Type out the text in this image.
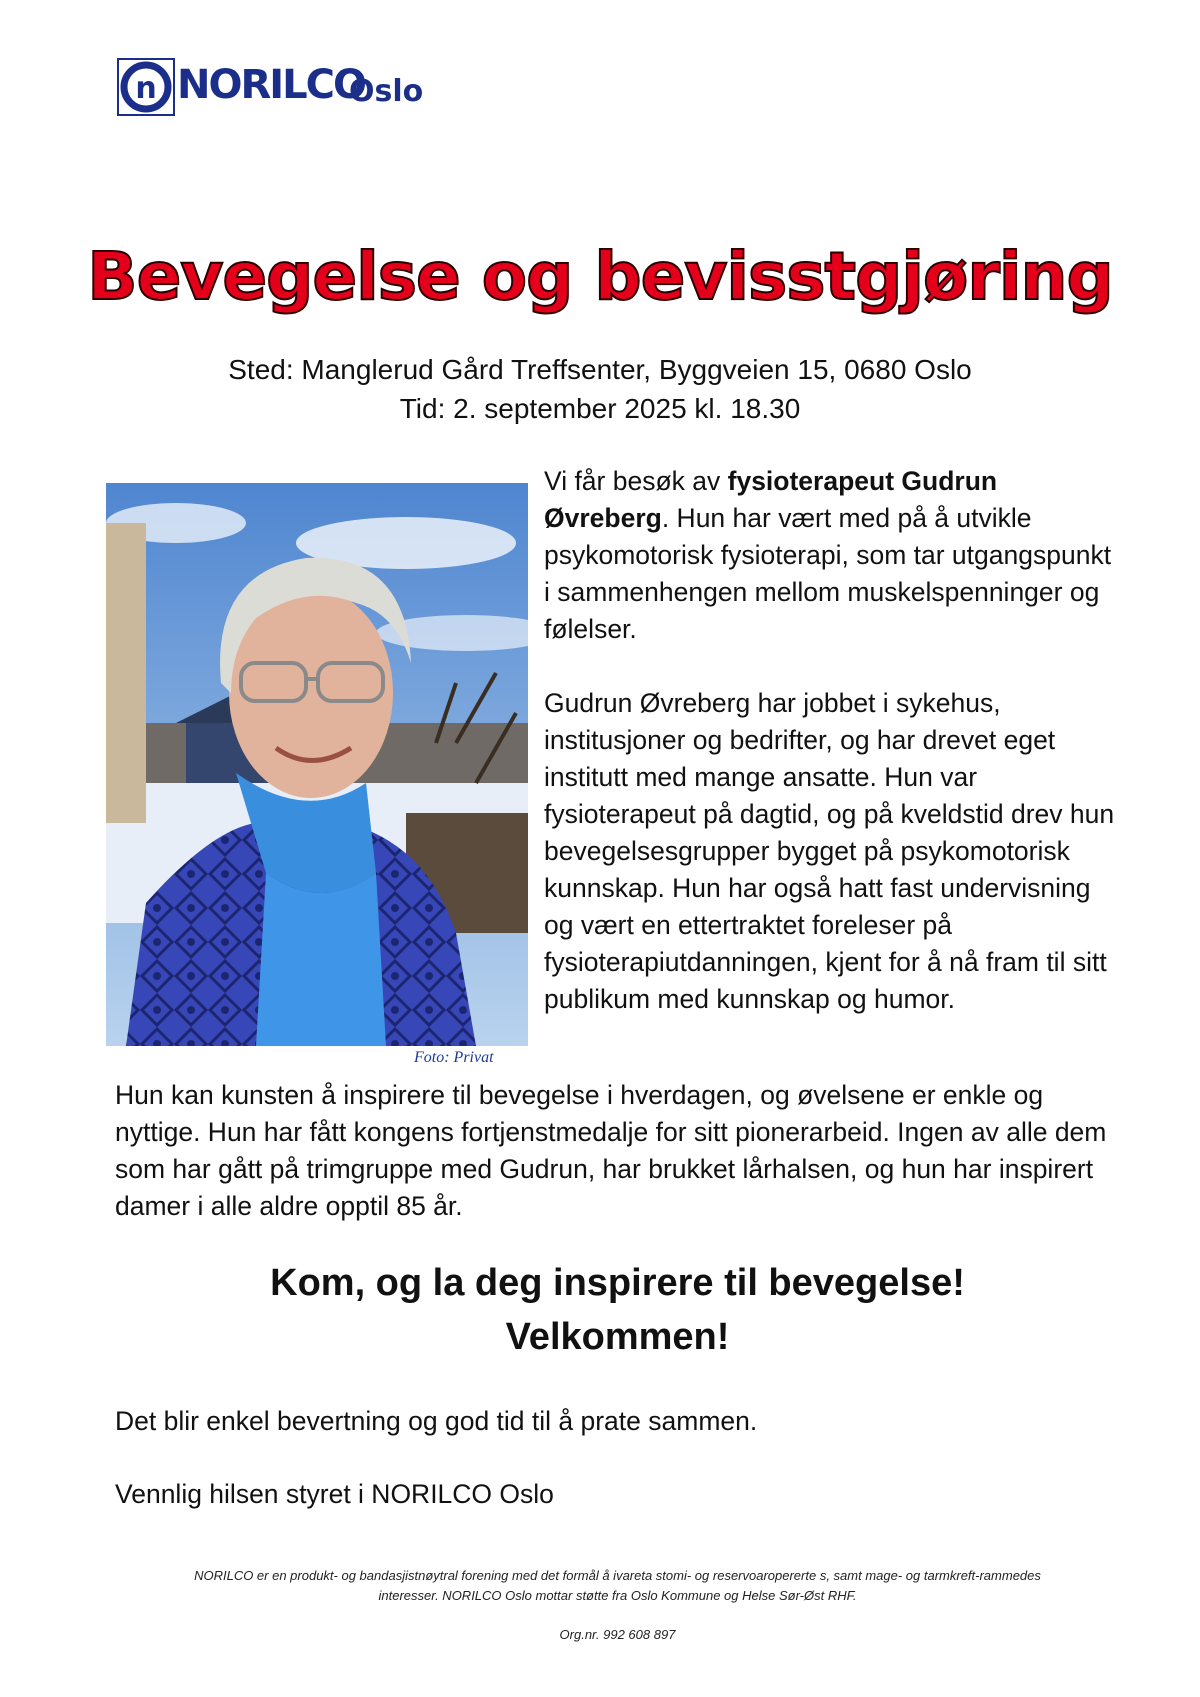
n NORILCO
Oslo
Bevegelse og bevisstgjøring
Sted: Manglerud Gård Treffsenter, Byggveien 15, 0680 Oslo
Tid: 2. september 2025 kl. 18.30
Foto: Privat

Vi får besøk av fysioterapeut Gudrun Øvreberg. Hun har vært med på å utvikle psykomotorisk fysioterapi, som tar utgangspunkt i sammenhengen mellom muskelspenninger og følelser.

Gudrun Øvreberg har jobbet i sykehus, institusjoner og bedrifter, og har drevet eget institutt med mange ansatte. Hun var fysioterapeut på dagtid, og på kveldstid drev hun bevegelsesgrupper bygget på psykomotorisk kunnskap. Hun har også hatt fast undervisning og vært en ettertraktet foreleser på fysioterapiutdanningen, kjent for å nå fram til sitt publikum med kunnskap og humor.

Hun kan kunsten å inspirere til bevegelse i hverdagen, og øvelsene er enkle og nyttige. Hun har fått kongens fortjenstmedalje for sitt pionerarbeid. Ingen av alle dem som har gått på trimgruppe med Gudrun, har brukket lårhalsen, og hun har inspirert damer i alle aldre opptil 85 år.

Kom, og la deg inspirere til bevegelse!
Velkommen!
Det blir enkel bevertning og god tid til å prate sammen.
Vennlig hilsen styret i NORILCO Oslo
NORILCO er en produkt- og bandasjistnøytral forening med det formål å ivareta stomi- og reservoaropererte s, samt mage- og tarmkreft-rammedes
interesser. NORILCO Oslo mottar støtte fra Oslo Kommune og Helse Sør-Øst RHF.
Org.nr. 992 608 897
